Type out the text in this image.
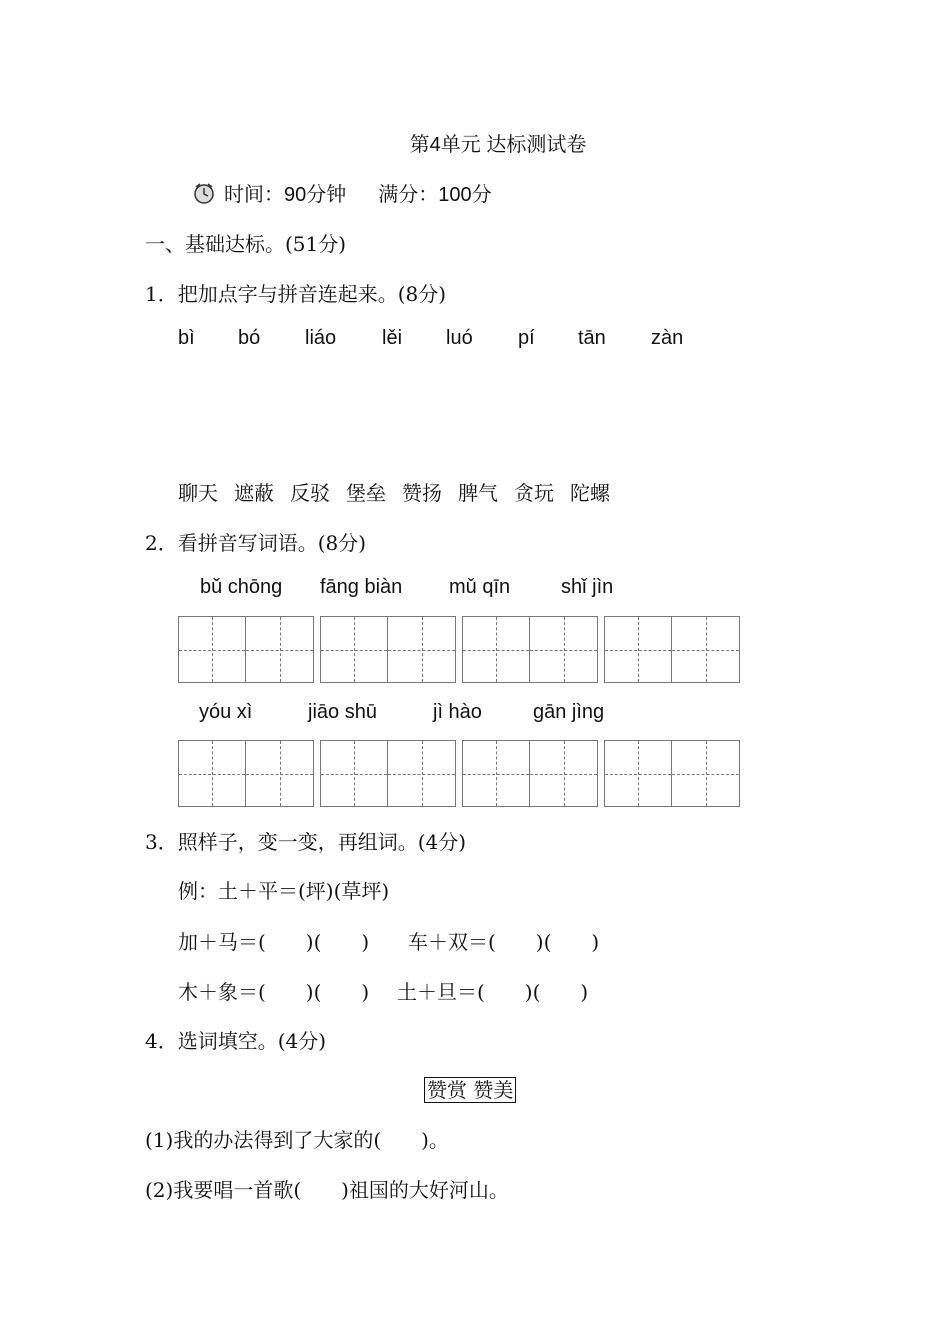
第4单元 达标测试卷
时间：90分钟 满分：100分
一、基础达标。(51分)
1．把加点字与拼音连起来。(8分)
bì bó liáo lěi luó pí tān zàn
聊天 遮蔽 反驳 堡垒 赞扬 脾气 贪玩 陀螺
2．看拼音写词语。(8分)
bǔ chōng fāng biàn mǔ qīn	shǐ jìn
yóu xì	jiāo shū	jì hào	gān jìng
3．照样子，变一变，再组词。(4分)
例：土＋平＝(坪)(草坪)
加＋马＝(　　)(　　) 车＋双＝(　　)(　　)
木＋象＝(　　)(　　) 土＋旦＝(　　)(　　)
4．选词填空。(4分)
赞赏 赞美
(1)我的办法得到了大家的(　　)。
(2)我要唱一首歌(　　)祖国的大好河山。
